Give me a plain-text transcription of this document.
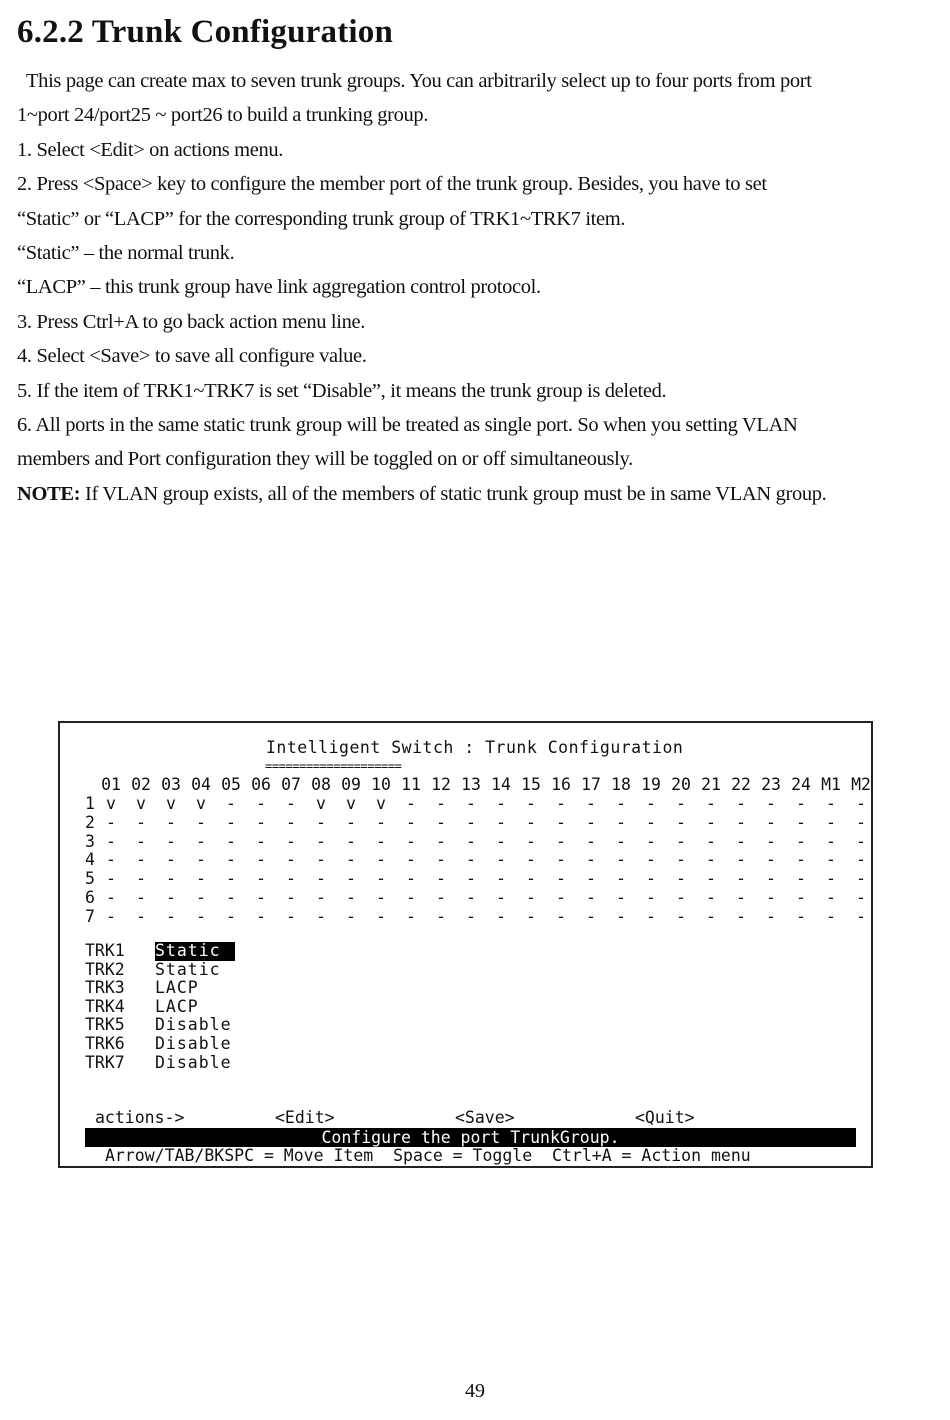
6.2.2 Trunk Configuration
This page can create max to seven trunk groups. You can arbitrarily select up to four ports from port
1~port 24/port25 ~ port26 to build a trunking group.
1. Select <Edit> on actions menu.
2. Press <Space> key to configure the member port of the trunk group. Besides, you have to set
“Static” or “LACP” for the corresponding trunk group of TRK1~TRK7 item.
“Static” – the normal trunk.
“LACP” – this trunk group have link aggregation control protocol.
3. Press Ctrl+A to go back action menu line.
4. Select <Save> to save all configure value.
5. If the item of TRK1~TRK7 is set “Disable”, it means the trunk group is deleted.
6. All ports in the same static trunk group will be treated as single port. So when you setting VLAN
members and Port configuration they will be toggled on or off simultaneously.
NOTE: If VLAN group exists, all of the members of static trunk group must be in same VLAN group.
Intelligent Switch : Trunk Configuration
====================
01 02 03 04 05 06 07 08 09 10 11 12 13 14 15 16 17 18 19 20 21 22 23 24 M1 M2
1 v	v	v	v	-	-	-	v	v	v	-	-	-	-	-	-	-	-	-	-	-	-	-	-	-	-
2 -	-	-	-	-	-	-	-	-	-	-	-	-	-	-	-	-	-	-	-	-	-	-	-	-	-
3 -	-	-	-	-	-	-	-	-	-	-	-	-	-	-	-	-	-	-	-	-	-	-	-	-	-
4 -	-	-	-	-	-	-	-	-	-	-	-	-	-	-	-	-	-	-	-	-	-	-	-	-	-
5 -	-	-	-	-	-	-	-	-	-	-	-	-	-	-	-	-	-	-	-	-	-	-	-	-	-
6 -	-	-	-	-	-	-	-	-	-	-	-	-	-	-	-	-	-	-	-	-	-	-	-	-	-
7 -	-	-	-	-	-	-	-	-	-	-	-	-	-	-	-	-	-	-	-	-	-	-	-	-	-
TRK1 Static
TRK2 Static
TRK3 LACP
TRK4 LACP
TRK5 Disable
TRK6 Disable
TRK7 Disable
actions->	<Edit>	<Save>	<Quit>
Configure the port TrunkGroup.
Arrow/TAB/BKSPC = Move Item  Space = Toggle  Ctrl+A = Action menu
49
